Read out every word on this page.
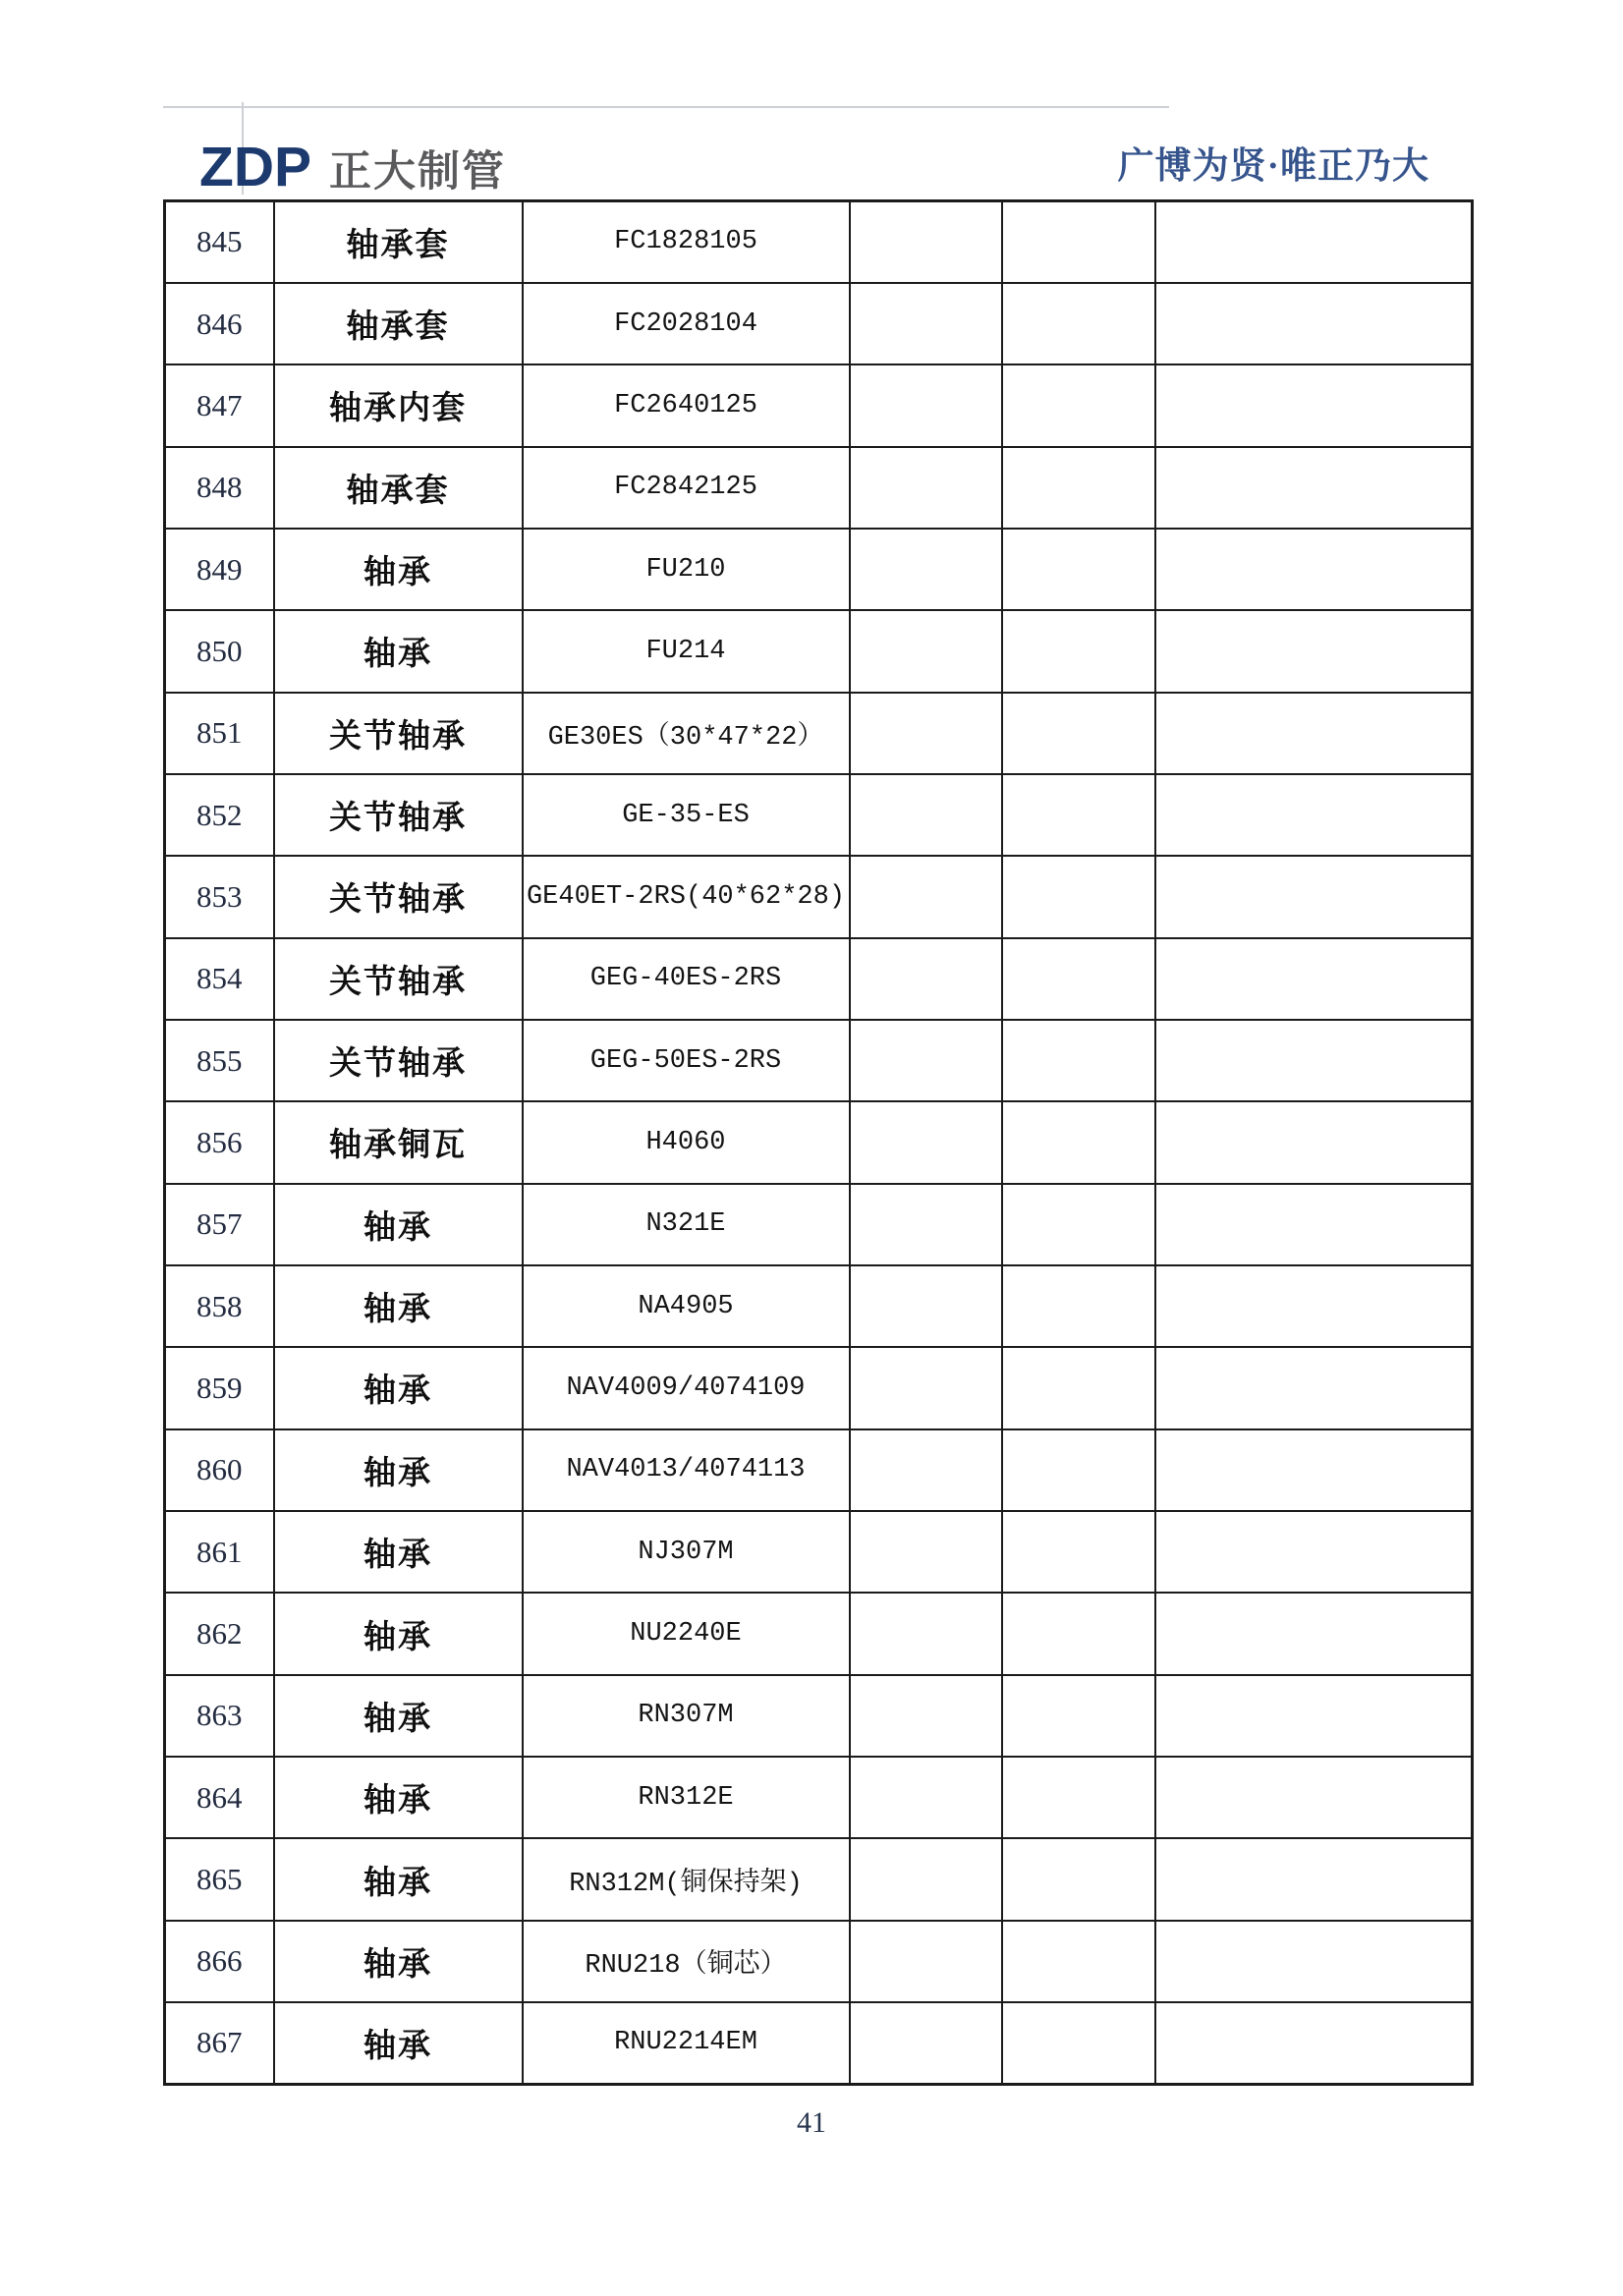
ZDP 正大制管	广博为贤·唯正乃大
845	轴承套	FC1828105			
846	轴承套	FC2028104			
847	轴承内套	FC2640125			
848	轴承套	FC2842125			
849	轴承	FU210			
850	轴承	FU214			
851	关节轴承	GE30ES（30*47*22）			
852	关节轴承	GE-35-ES			
853	关节轴承	GE40ET-2RS(40*62*28)			
854	关节轴承	GEG-40ES-2RS			
855	关节轴承	GEG-50ES-2RS			
856	轴承铜瓦	H4060			
857	轴承	N321E			
858	轴承	NA4905			
859	轴承	NAV4009/4074109			
860	轴承	NAV4013/4074113			
861	轴承	NJ307M			
862	轴承	NU2240E			
863	轴承	RN307M			
864	轴承	RN312E			
865	轴承	RN312M(铜保持架)			
866	轴承	RNU218（铜芯）			
867	轴承	RNU2214EM			
41
